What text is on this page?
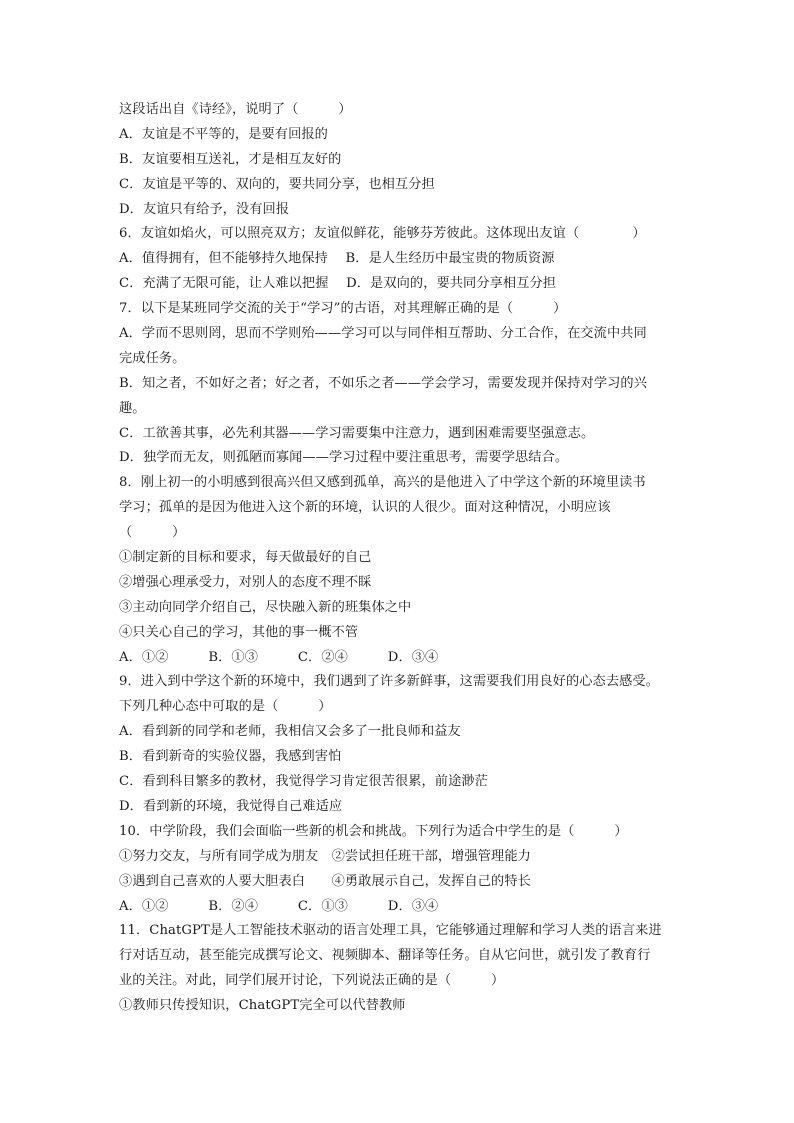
这段话出自《诗经》，说明了（　　　）
A．友谊是不平等的，是要有回报的
B．友谊要相互送礼，才是相互友好的
C．友谊是平等的、双向的，要共同分享，也相互分担
D．友谊只有给予，没有回报
6．友谊如焰火，可以照亮双方；友谊似鲜花，能够芬芳彼此。这体现出友谊（　　　　）
A．值得拥有，但不能够持久地保持　 B．是人生经历中最宝贵的物质资源
C．充满了无限可能，让人难以把握　 D．是双向的，要共同分享相互分担
7．以下是某班同学交流的关于“学习”的古语，对其理解正确的是（　　　）
A．学而不思则罔，思而不学则殆——学习可以与同伴相互帮助、分工合作，在交流中共同
完成任务。
B．知之者，不如好之者；好之者，不如乐之者——学会学习，需要发现并保持对学习的兴
趣。
C．工欲善其事，必先利其器——学习需要集中注意力，遇到困难需要坚强意志。
D．独学而无友，则孤陋而寡闻——学习过程中要注重思考，需要学思结合。
8．刚上初一的小明感到很高兴但又感到孤单，高兴的是他进入了中学这个新的环境里读书
学习；孤单的是因为他进入这个新的环境，认识的人很少。面对这种情况，小明应该
（　　　）
①制定新的目标和要求，每天做最好的自己
②增强心理承受力，对别人的态度不理不睬
③主动向同学介绍自己，尽快融入新的班集体之中
④只关心自己的学习，其他的事一概不管
A．①②　　　B．①③　　　C．②④　　　D．③④
9．进入到中学这个新的环境中，我们遇到了许多新鲜事，这需要我们用良好的心态去感受。
下列几种心态中可取的是（　　　）
A．看到新的同学和老师，我相信又会多了一批良师和益友
B．看到新奇的实验仪器，我感到害怕
C．看到科目繁多的教材，我觉得学习肯定很苦很累，前途渺茫
D．看到新的环境，我觉得自己难适应
10．中学阶段，我们会面临一些新的机会和挑战。下列行为适合中学生的是（　　　）
①努力交友，与所有同学成为朋友　②尝试担任班干部，增强管理能力
③遇到自己喜欢的人要大胆表白　　④勇敢展示自己，发挥自己的特长
A．①②　　　B．②④　　　C．①③　　　D．③④
11．ChatGPT是人工智能技术驱动的语言处理工具，它能够通过理解和学习人类的语言来进
行对话互动，甚至能完成撰写论文、视频脚本、翻译等任务。自从它问世，就引发了教育行
业的关注。对此，同学们展开讨论，下列说法正确的是（　　　）
①教师只传授知识，ChatGPT完全可以代替教师
